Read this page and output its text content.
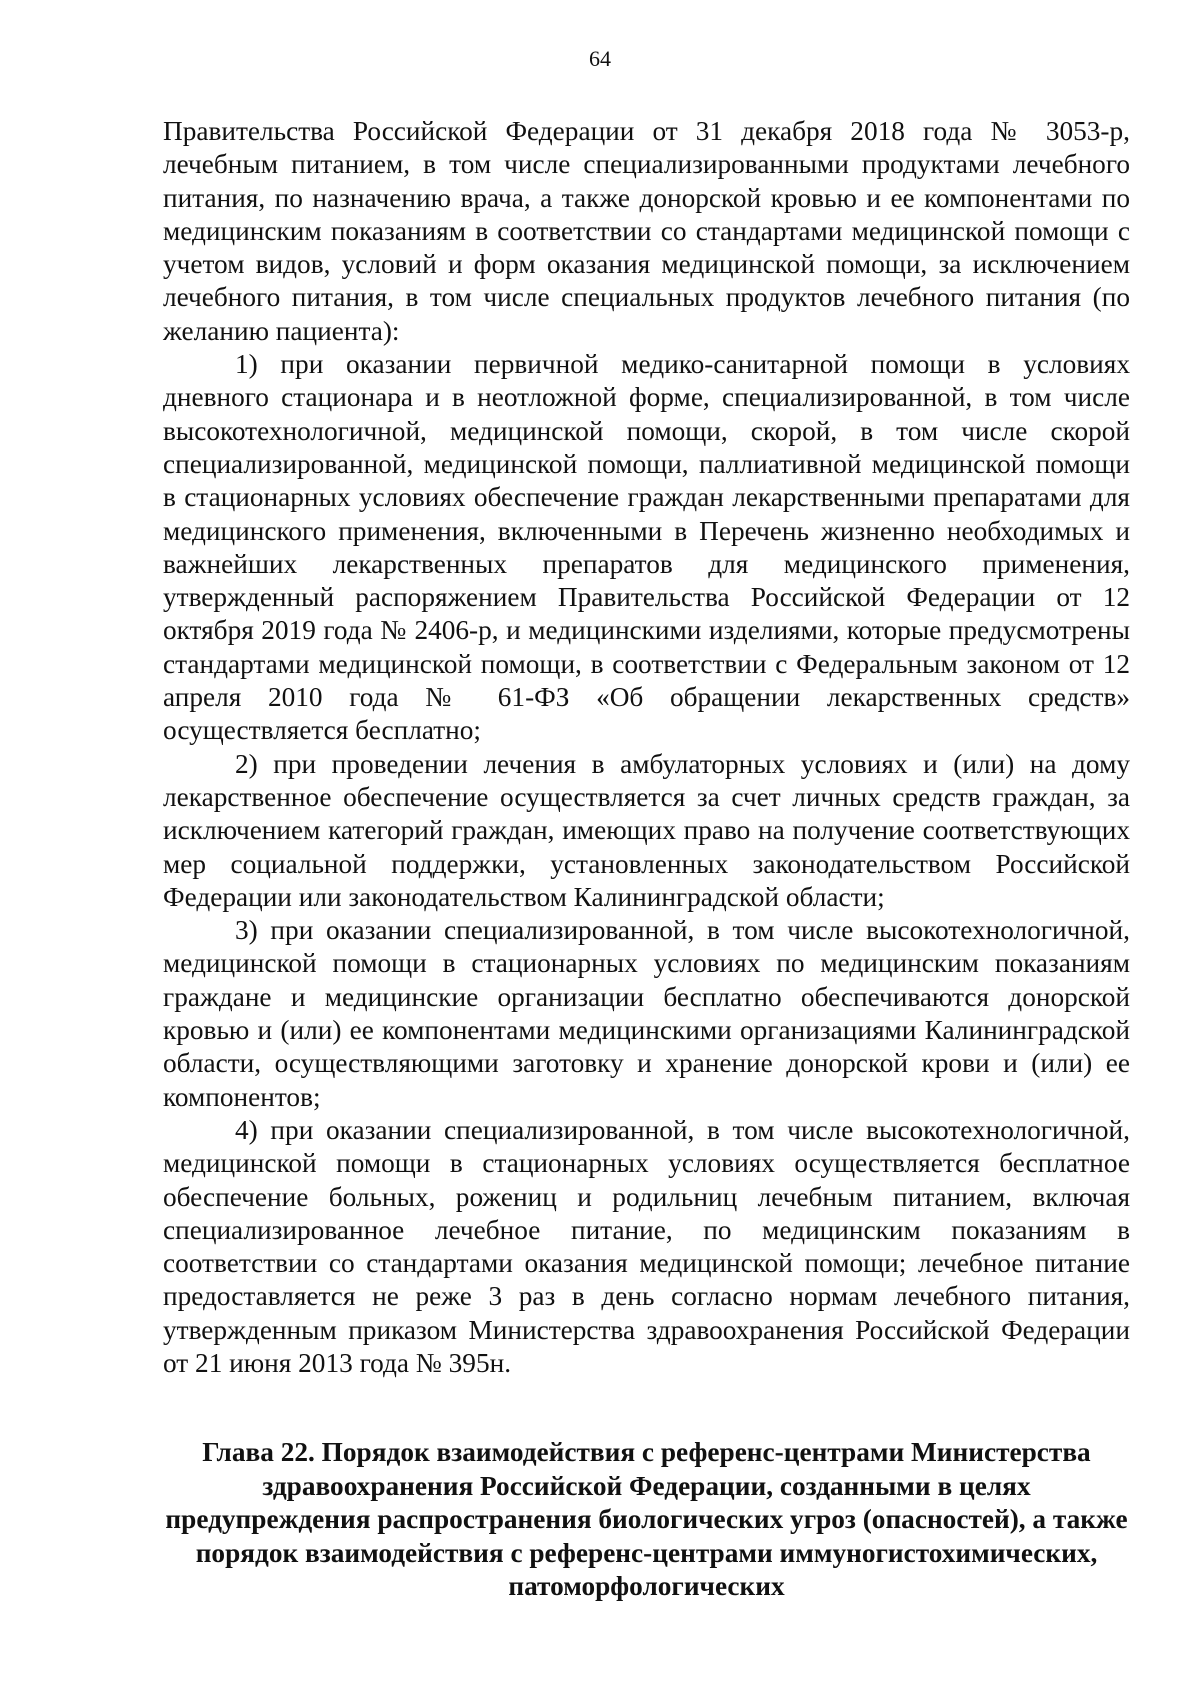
64

Правительства Российской Федерации от 31 декабря 2018 года № 3053-р, лечебным питанием, в том числе специализированными продуктами лечебного питания, по назначению врача, а также донорской кровью и ее компонентами по медицинским показаниям в соответствии со стандартами медицинской помощи с учетом видов, условий и форм оказания медицинской помощи, за исключением лечебного питания, в том числе специальных продуктов лечебного питания (по желанию пациента):

1) при оказании первичной медико-санитарной помощи в условиях дневного стационара и в неотложной форме, специализированной, в том числе высокотехнологичной, медицинской помощи, скорой, в том числе скорой специализированной, медицинской помощи, паллиативной медицинской помощи в стационарных условиях обеспечение граждан лекарственными препаратами для медицинского применения, включенными в Перечень жизненно необходимых и важнейших лекарственных препаратов для медицинского применения, утвержденный распоряжением Правительства Российской Федерации от 12 октября 2019 года № 2406-р, и медицинскими изделиями, которые предусмотрены стандартами медицинской помощи, в соответствии с Федеральным законом от 12 апреля 2010 года № 61-ФЗ «Об обращении лекарственных средств» осуществляется бесплатно;

2) при проведении лечения в амбулаторных условиях и (или) на дому лекарственное обеспечение осуществляется за счет личных средств граждан, за исключением категорий граждан, имеющих право на получение соответствующих мер социальной поддержки, установленных законодательством Российской Федерации или законодательством Калининградской области;

3) при оказании специализированной, в том числе высокотехнологичной, медицинской помощи в стационарных условиях по медицинским показаниям граждане и медицинские организации бесплатно обеспечиваются донорской кровью и (или) ее компонентами медицинскими организациями Калининградской области, осуществляющими заготовку и хранение донорской крови и (или) ее компонентов;

4) при оказании специализированной, в том числе высокотехнологичной, медицинской помощи в стационарных условиях осуществляется бесплатное обеспечение больных, рожениц и родильниц лечебным питанием, включая специализированное лечебное питание, по медицинским показаниям в соответствии со стандартами оказания медицинской помощи; лечебное питание предоставляется не реже 3 раз в день согласно нормам лечебного питания, утвержденным приказом Министерства здравоохранения Российской Федерации от 21 июня 2013 года № 395н.

Глава 22. Порядок взаимодействия с референс-центрами Министерства здравоохранения Российской Федерации, созданными в целях предупреждения распространения биологических угроз (опасностей), а также порядок взаимодействия с референс-центрами иммуногистохимических, патоморфологических
